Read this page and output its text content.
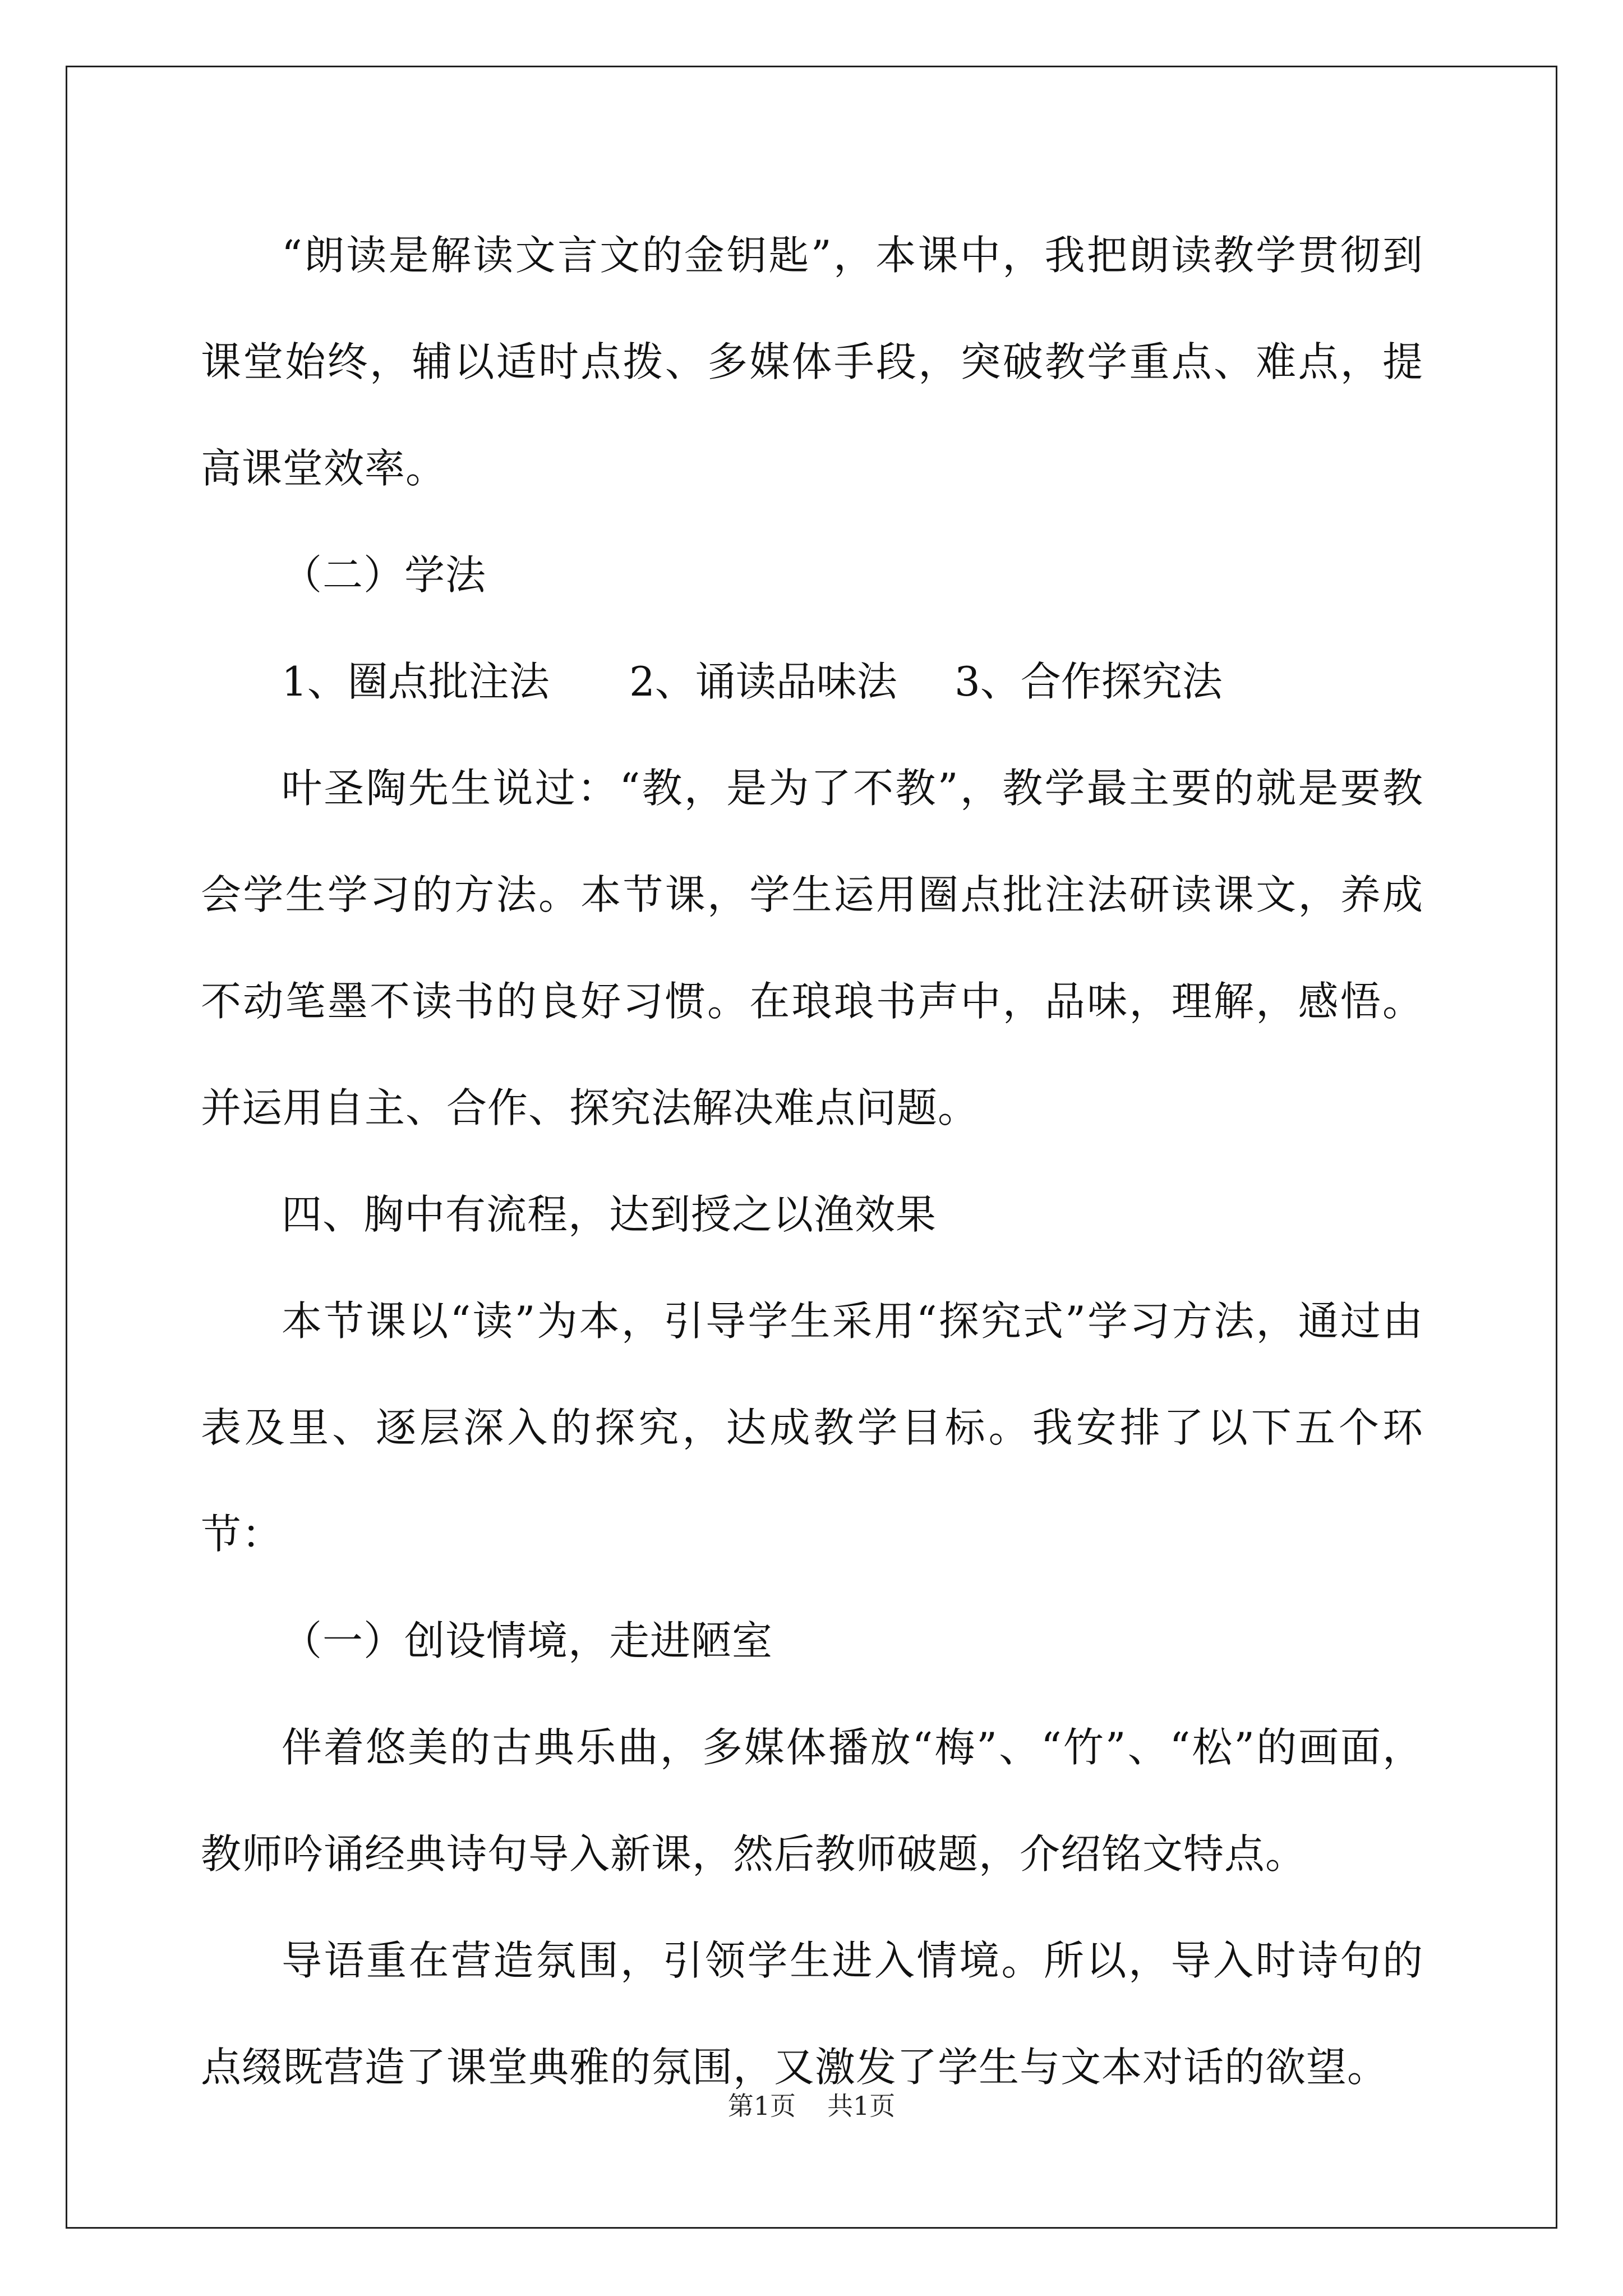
“朗读是解读文言文的金钥匙”，本课中，我把朗读教学贯彻到课堂始终，辅以适时点拨、多媒体手段，突破教学重点、难点，提高课堂效率。

（二）学法

1、圈点批注法 2、诵读品味法 3、合作探究法

叶圣陶先生说过：“教，是为了不教”，教学最主要的就是要教会学生学习的方法。本节课，学生运用圈点批注法研读课文，养成不动笔墨不读书的良好习惯。在琅琅书声中，品味，理解，感悟。并运用自主、合作、探究法解决难点问题。

四、胸中有流程，达到授之以渔效果

本节课以“读”为本，引导学生采用“探究式”学习方法，通过由表及里、逐层深入的探究，达成教学目标。我安排了以下五个环节：

（一）创设情境，走进陋室

伴着悠美的古典乐曲，多媒体播放“梅”、“竹”、“松”的画面，教师吟诵经典诗句导入新课，然后教师破题，介绍铭文特点。

导语重在营造氛围，引领学生进入情境。所以，导入时诗句的点缀既营造了课堂典雅的氛围，又激发了学生与文本对话的欲望。

第1页 共1页
